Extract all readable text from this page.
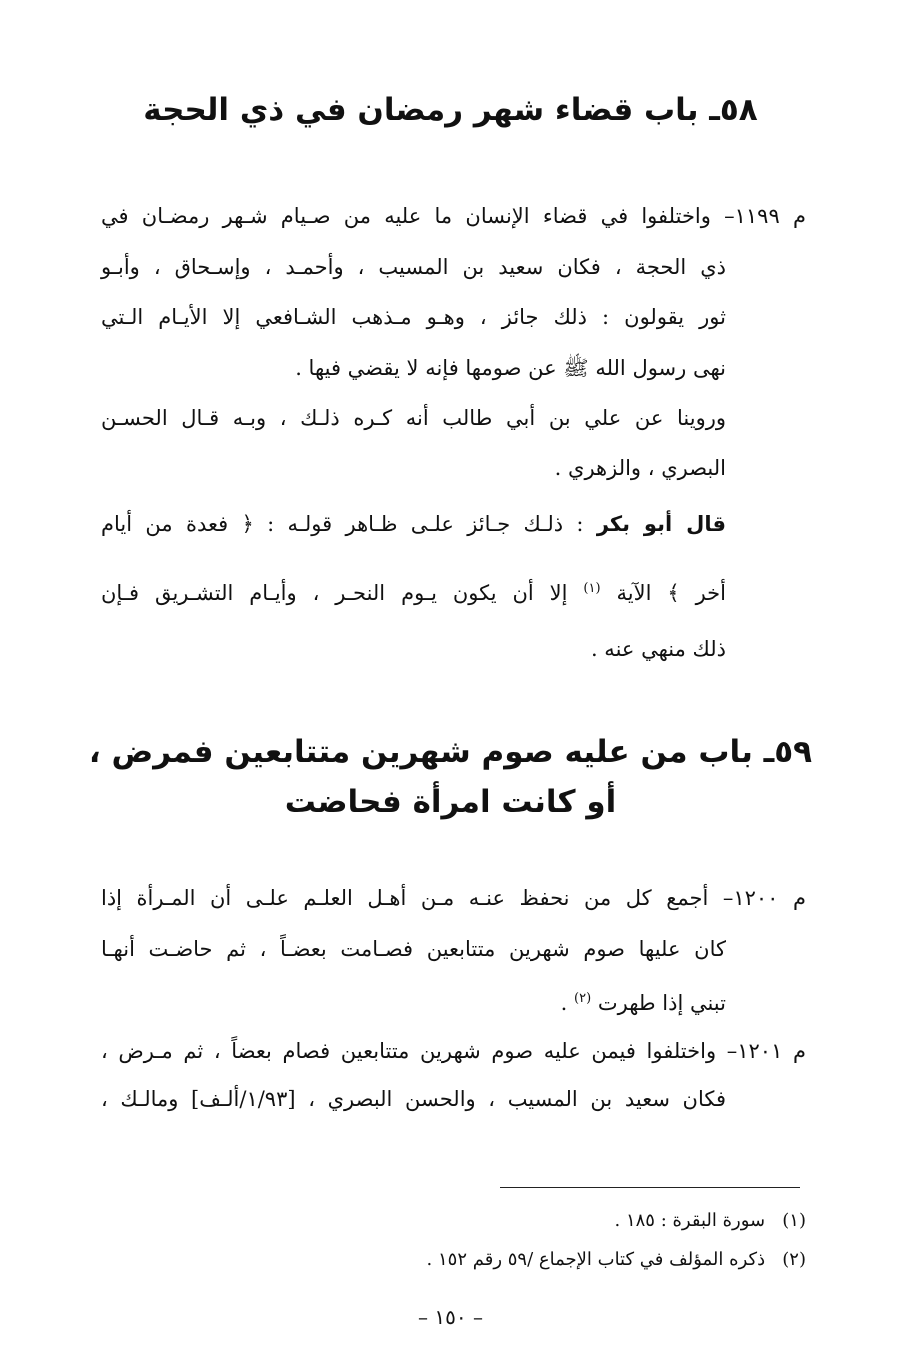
٥٨ـ باب قضاء شهر رمضان في ذي الحجة
م ١١٩٩– واختلفوا في قضاء الإنسان ما عليه من صـيام شـهر رمضـان في
ذي الحجة ، فكان سعيد بن المسيب ، وأحمـد ، وإسـحاق ، وأبـو
ثور يقولون : ذلك جائز ، وهـو مـذهب الشـافعي إلا الأيـام الـتي
نهى رسول الله ﷺ عن صومها فإنه لا يقضي فيها .
وروينا عن علي بن أبي طالب أنه كـره ذلـك ، وبـه قـال الحسـن
البصري ، والزهري .
قال أبو بكر : ذلـك جـائز علـى ظـاهر قولـه : ﴿ فعدة من أيام
أخر ﴾ الآية $^{(١)}$ إلا أن يكون يـوم النحـر ، وأيـام التشـريق فـإن
ذلك منهي عنه .
٥٩ـ باب من عليه صوم شهرين متتابعين فمرض ،
أو كانت امرأة فحاضت
م ١٢٠٠– أجمع كل من نحفظ عنـه مـن أهـل العلـم علـى أن المـرأة إذا
كان عليها صوم شهرين متتابعين فصـامت بعضـاً ، ثم حاضـت أنهـا
تبني إذا طهرت $^{(٢)}$ .
م ١٢٠١– واختلفوا فيمن عليه صوم شهرين متتابعين فصام بعضاً ، ثم مـرض ،
فكان سعيد بن المسيب ، والحسن البصري ، [١/٩٣/ألـف] ومالـك ،
(١)   سورة البقرة : ١٨٥ .
(٢)   ذكره المؤلف في كتاب الإجماع /٥٩ رقم ١٥٢ .
– ١٥٠ –
